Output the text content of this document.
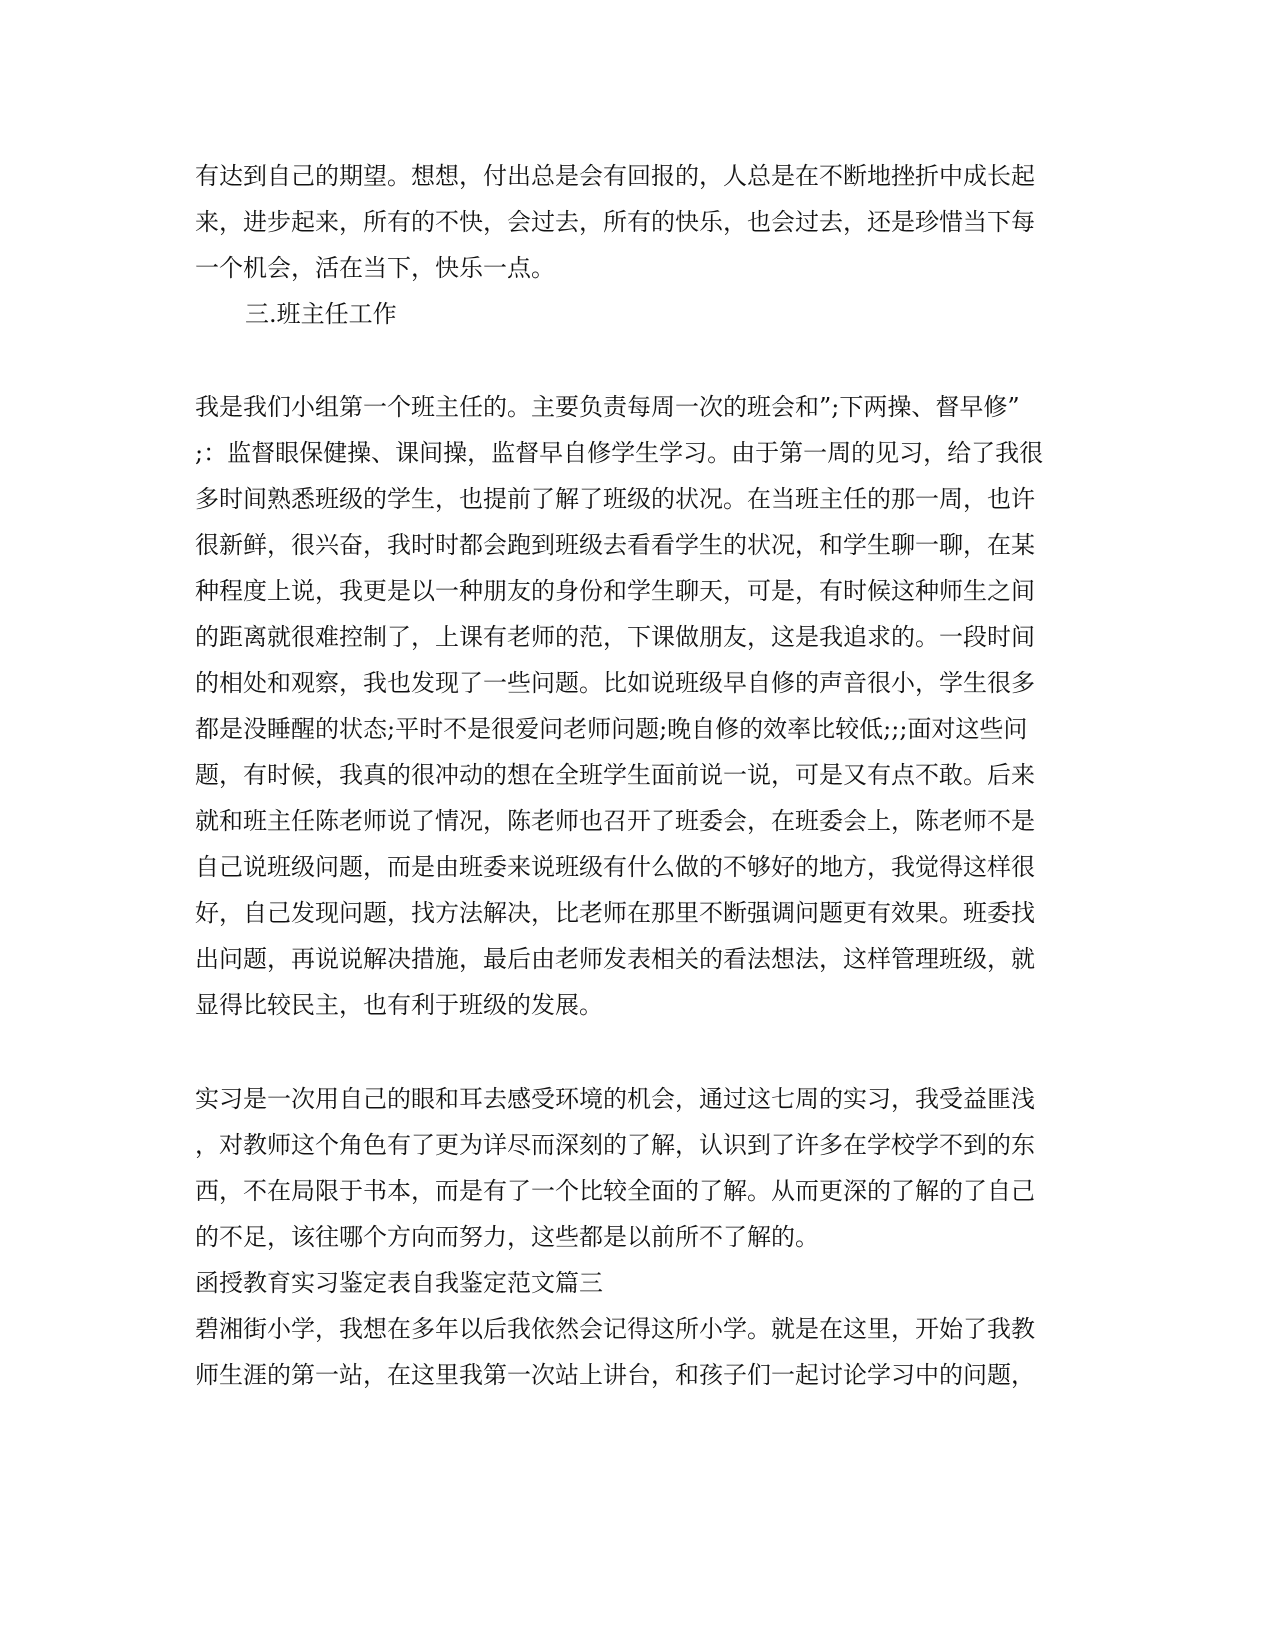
有达到自己的期望。想想，付出总是会有回报的，人总是在不断地挫折中成长起
来，进步起来，所有的不快，会过去，所有的快乐，也会过去，还是珍惜当下每
一个机会，活在当下，快乐一点。
三.班主任工作
我是我们小组第一个班主任的。主要负责每周一次的班会和”;下两操、督早修”
;：监督眼保健操、课间操，监督早自修学生学习。由于第一周的见习，给了我很
多时间熟悉班级的学生，也提前了解了班级的状况。在当班主任的那一周，也许
很新鲜，很兴奋，我时时都会跑到班级去看看学生的状况，和学生聊一聊，在某
种程度上说，我更是以一种朋友的身份和学生聊天，可是，有时候这种师生之间
的距离就很难控制了，上课有老师的范，下课做朋友，这是我追求的。一段时间
的相处和观察，我也发现了一些问题。比如说班级早自修的声音很小，学生很多
都是没睡醒的状态;平时不是很爱问老师问题;晚自修的效率比较低;;;面对这些问
题，有时候，我真的很冲动的想在全班学生面前说一说，可是又有点不敢。后来
就和班主任陈老师说了情况，陈老师也召开了班委会，在班委会上，陈老师不是
自己说班级问题，而是由班委来说班级有什么做的不够好的地方，我觉得这样很
好，自己发现问题，找方法解决，比老师在那里不断强调问题更有效果。班委找
出问题，再说说解决措施，最后由老师发表相关的看法想法，这样管理班级，就
显得比较民主，也有利于班级的发展。
实习是一次用自己的眼和耳去感受环境的机会，通过这七周的实习，我受益匪浅
，对教师这个角色有了更为详尽而深刻的了解，认识到了许多在学校学不到的东
西，不在局限于书本，而是有了一个比较全面的了解。从而更深的了解的了自己
的不足，该往哪个方向而努力，这些都是以前所不了解的。
函授教育实习鉴定表自我鉴定范文篇三
碧湘街小学，我想在多年以后我依然会记得这所小学。就是在这里，开始了我教
师生涯的第一站，在这里我第一次站上讲台，和孩子们一起讨论学习中的问题，
